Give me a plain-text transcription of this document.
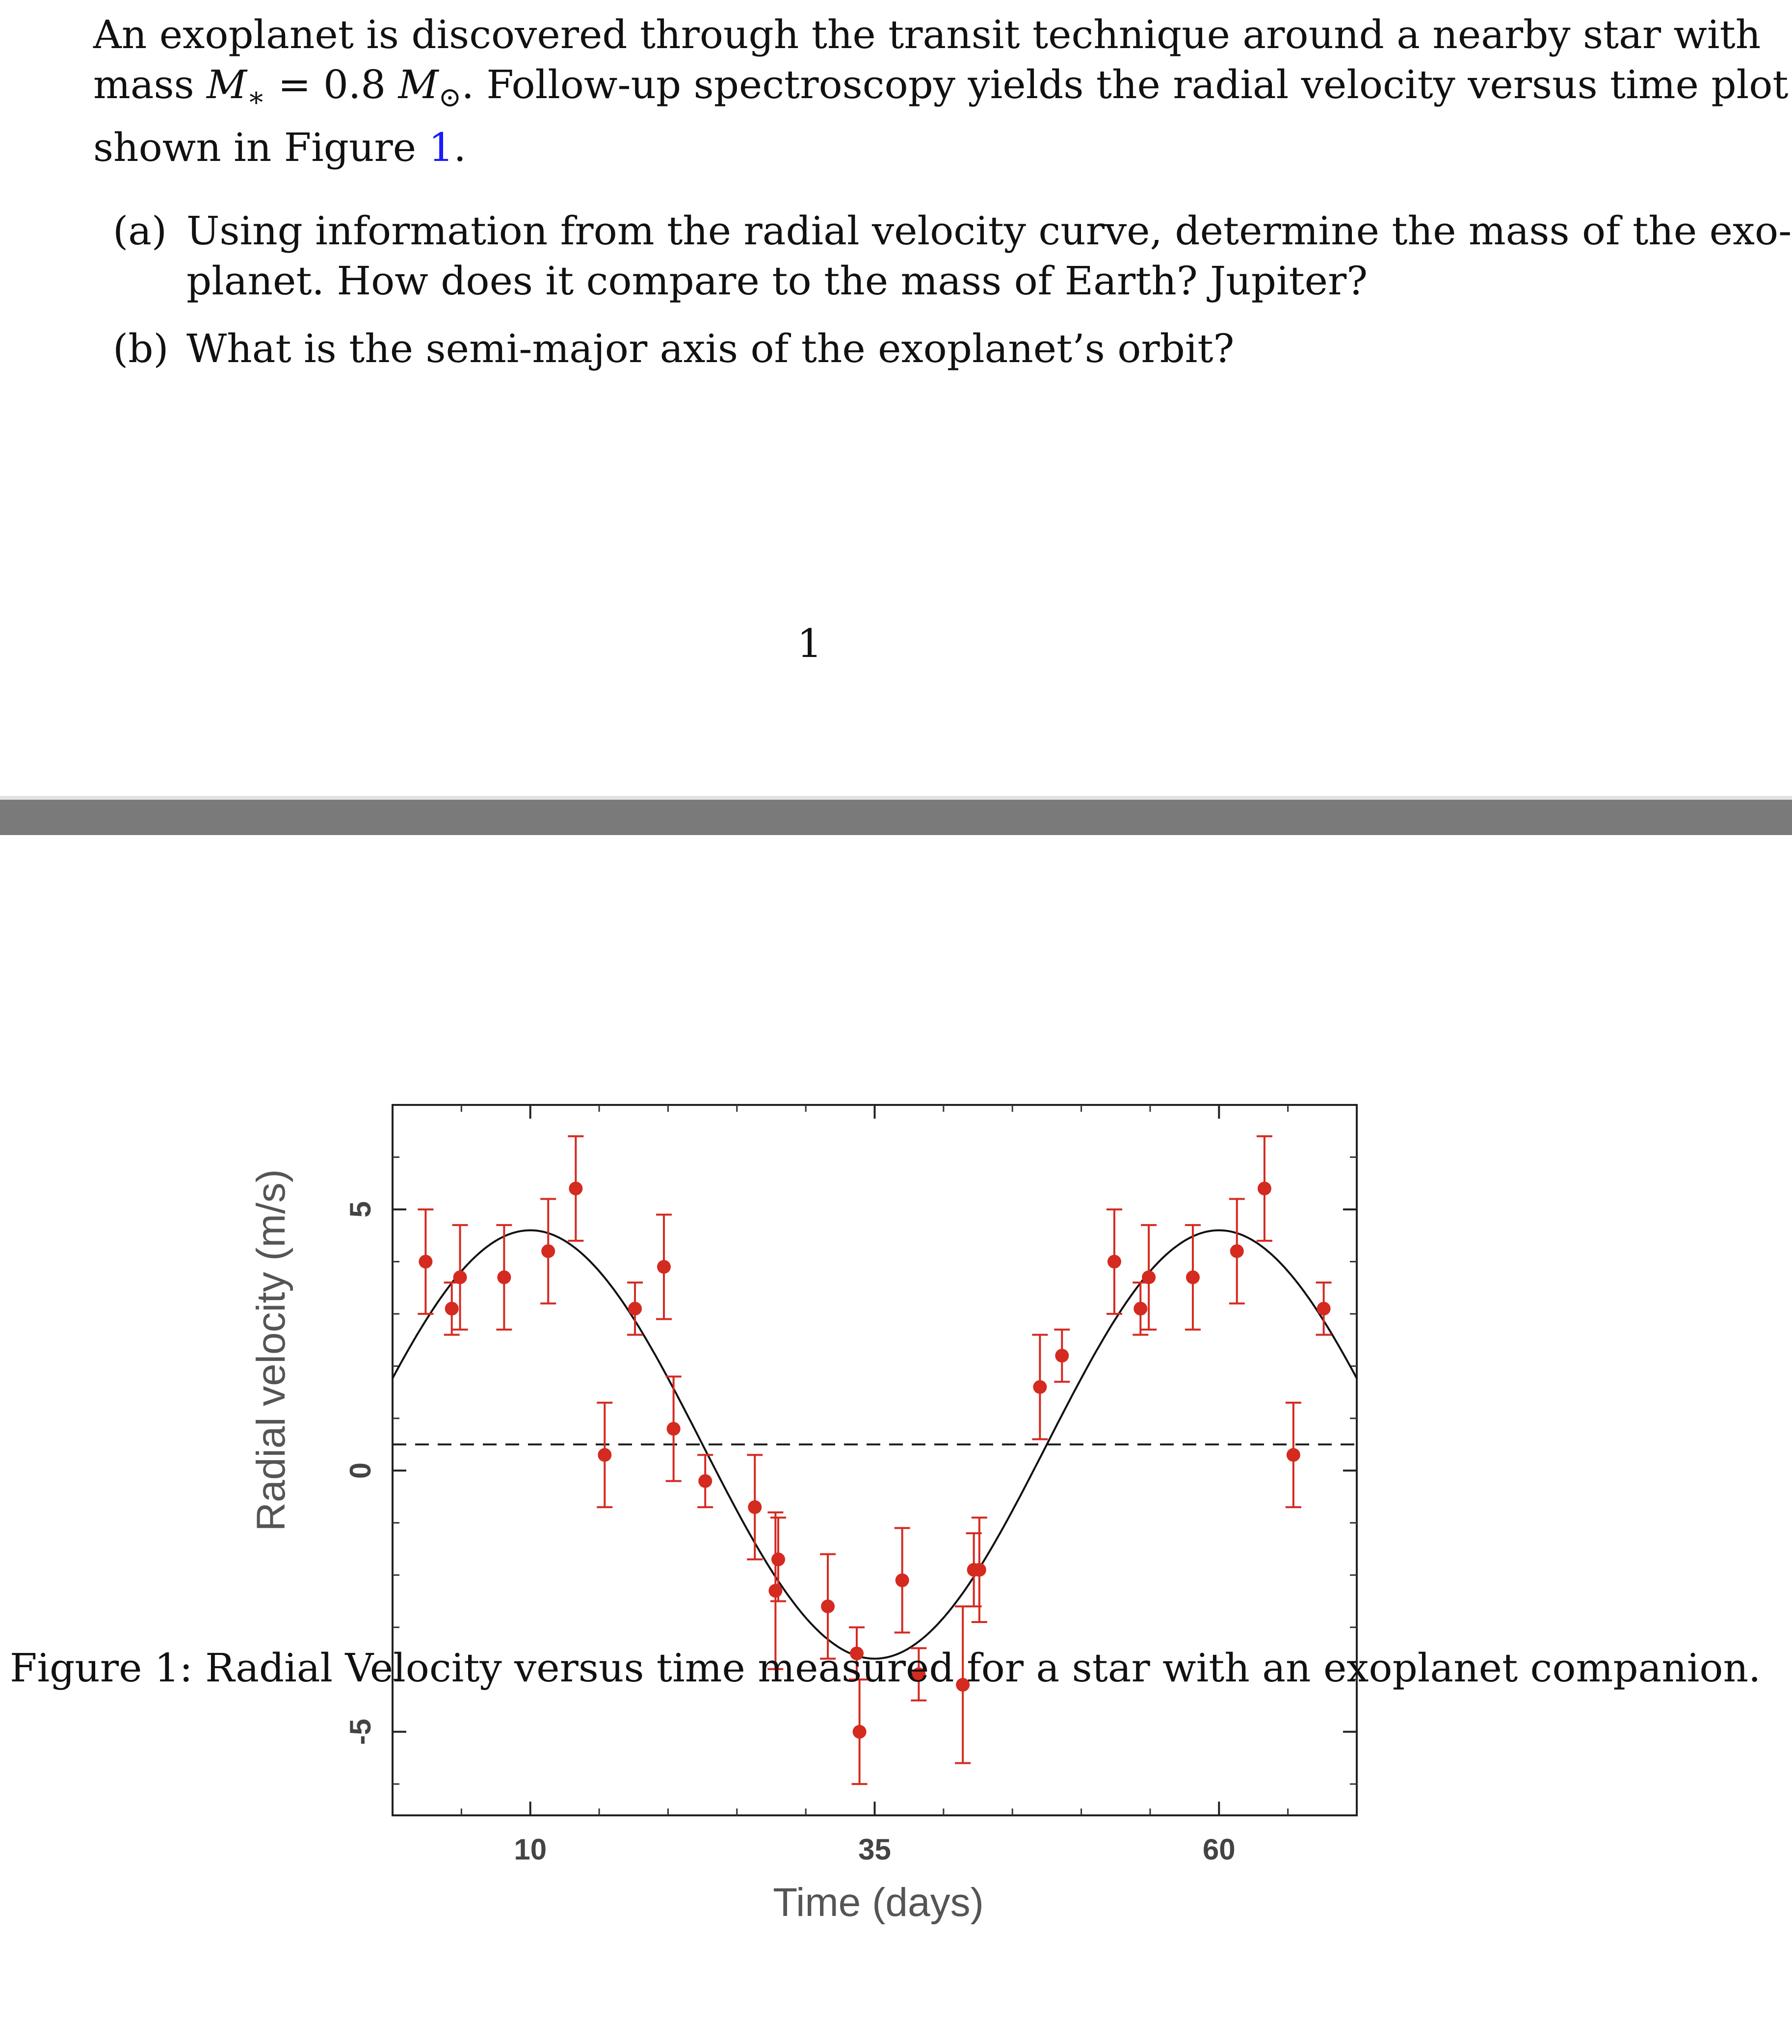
An exoplanet is discovered through the transit technique around a nearby star with
mass $M_∗ = 0.8$ $M_⊙$. Follow-up spectroscopy yields the radial velocity versus time plot
shown in Figure 1.
(a) Using information from the radial velocity curve, determine the mass of the exo-
planet. How does it compare to the mass of Earth? Jupiter?
(b) What is the semi-major axis of the exoplanet’s orbit?
1
10	35	60
5
0
-5
Radial velocity (m/s)
Time (days)
Figure 1: Radial Velocity versus time measured for a star with an exoplanet companion.
